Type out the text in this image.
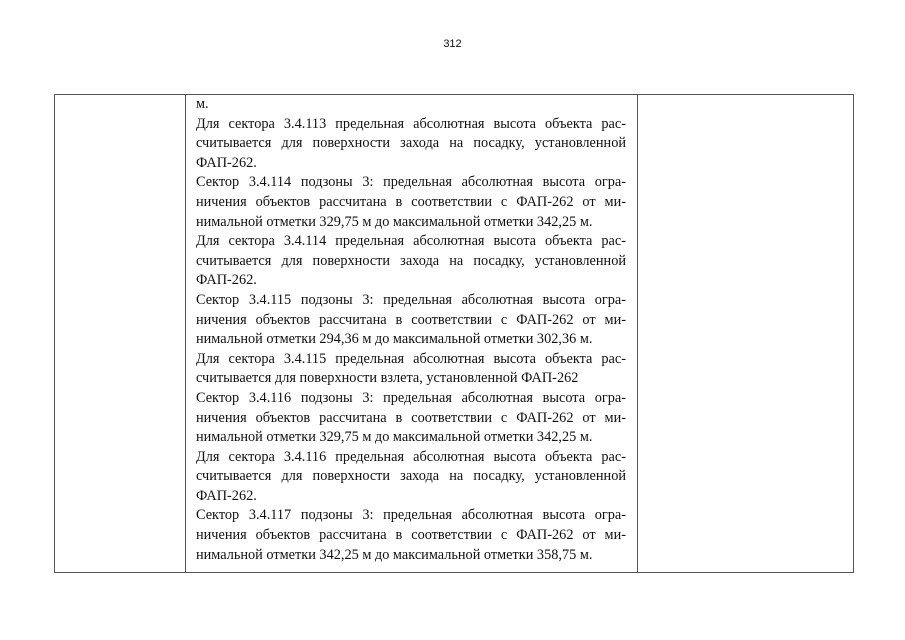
312

м.
Для сектора 3.4.113 предельная абсолютная высота объекта рас-
считывается для поверхности захода на посадку, установленной
ФАП-262.
Сектор 3.4.114 подзоны 3: предельная абсолютная высота огра-
ничения объектов рассчитана в соответствии с ФАП-262 от ми-
нимальной отметки 329,75 м до максимальной отметки 342,25 м.
Для сектора 3.4.114 предельная абсолютная высота объекта рас-
считывается для поверхности захода на посадку, установленной
ФАП-262.
Сектор 3.4.115 подзоны 3: предельная абсолютная высота огра-
ничения объектов рассчитана в соответствии с ФАП-262 от ми-
нимальной отметки 294,36 м до максимальной отметки 302,36 м.
Для сектора 3.4.115 предельная абсолютная высота объекта рас-
считывается для поверхности взлета, установленной ФАП-262
Сектор 3.4.116 подзоны 3: предельная абсолютная высота огра-
ничения объектов рассчитана в соответствии с ФАП-262 от ми-
нимальной отметки 329,75 м до максимальной отметки 342,25 м.
Для сектора 3.4.116 предельная абсолютная высота объекта рас-
считывается для поверхности захода на посадку, установленной
ФАП-262.
Сектор 3.4.117 подзоны 3: предельная абсолютная высота огра-
ничения объектов рассчитана в соответствии с ФАП-262 от ми-
нимальной отметки 342,25 м до максимальной отметки 358,75 м.
